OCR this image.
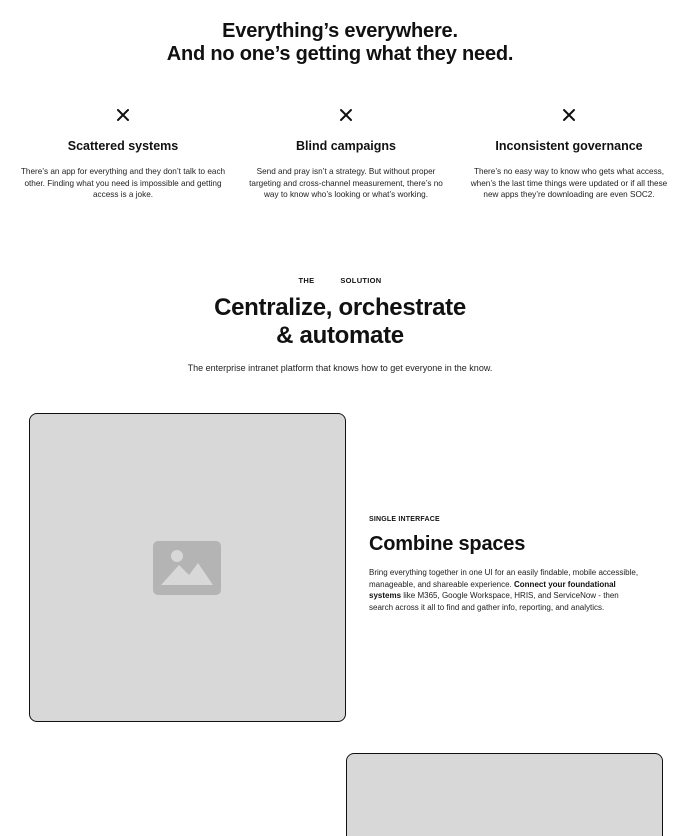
Everything’s everywhere.
And no one’s getting what they need.
Scattered systems

There’s an app for everything and they don’t talk to each other. Finding what you need is impossible and getting access is a joke.

Blind campaigns

Send and pray isn’t a strategy. But without proper targeting and cross-channel measurement, there’s no way to know who’s looking or what’s working.

Inconsistent governance

There’s no easy way to know who gets what access, when’s the last time things were updated or if all these new apps they’re downloading are even SOC2.

THE	SOLUTION
Centralize, orchestrate
& automate

The enterprise intranet platform that knows how to get everyone in the know.

SINGLE INTERFACE
Combine spaces

Bring everything together in one UI for an easily findable, mobile accessible, manageable, and shareable experience. Connect your foundational systems like M365, Google Workspace, HRIS, and ServiceNow - then search across it all to find and gather info, reporting, and analytics.
